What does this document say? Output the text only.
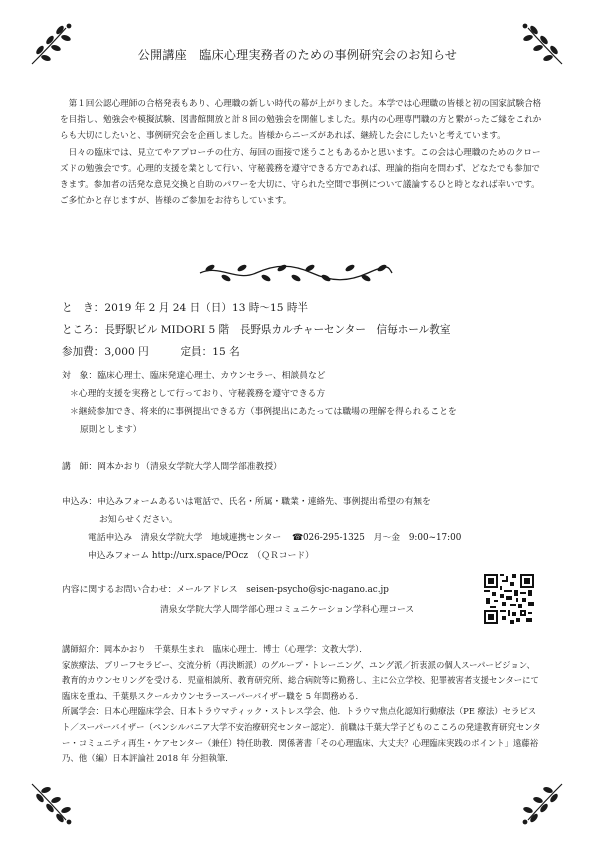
公開講座　臨床心理実務者のための事例研究会のお知らせ

第１回公認心理師の合格発表もあり、心理職の新しい時代の幕が上がりました。本学では心理職の皆様と初の国家試験合格を目指し、勉強会や模擬試験、図書館開放と計８回の勉強会を開催しました。県内の心理専門職の方と繋がったご縁をこれからも大切にしたいと、事例研究会を企画しました。皆様からニーズがあれば、継続した会にしたいと考えています。

日々の臨床では、見立てやアプローチの仕方、毎回の面接で迷うこともあるかと思います。この会は心理職のためのクローズドの勉強会です。心理的支援を業として行い、守秘義務を遵守できる方であれば、理論的指向を問わず、どなたでも参加できます。参加者の活発な意見交換と自助のパワーを大切に、守られた空間で事例について議論するひと時となれば幸いです。ご多忙かと存じますが、皆様のご参加をお待ちしています。

と　き：2019 年 2 月 24 日（日）13 時～15 時半
ところ：長野駅ビル MIDORI 5 階　長野県カルチャーセンター　信毎ホール教室
参加費：3,000 円　　　定員：15 名
対　象：臨床心理士、臨床発達心理士、カウンセラー、相談員など
＊心理的支援を実務として行っており、守秘義務を遵守できる方
＊継続参加でき、将来的に事例提出できる方（事例提出にあたっては職場の理解を得られることを
原則とします）
講　師：岡本かおり（清泉女学院大学人間学部准教授）
申込み：申込みフォームあるいは電話で、氏名・所属・職業・連絡先、事例提出希望の有無を
お知らせください。
電話申込み　清泉女学院大学　地域連携センター ☎026-295-1325　月～金　9:00~17:00
申込みフォーム http://urx.space/POcz　（ＱＲコード）
内容に関するお問い合わせ：メールアドレス　seisen-psycho@sjc-nagano.ac.jp
清泉女学院大学人間学部心理コミュニケーション学科心理コース

講師紹介：岡本かおり　千葉県生まれ　臨床心理士．博士（心理学：文教大学）．

家族療法、ブリーフセラピー、交流分析（再決断派）のグループ・トレーニング、ユング派／折衷派の個人スーパービジョン、教育的カウンセリングを受ける．児童相談所、教育研究所、総合病院等に勤務し、主に公立学校、犯罪被害者支援センターにて臨床を重ね、千葉県スクールカウンセラースーパーバイザー職を 5 年間務める．

所属学会：日本心理臨床学会、日本トラウマティック・ストレス学会、他．トラウマ焦点化認知行動療法（PE 療法）セラピスト／スーパーバイザー（ペンシルバニア大学不安治療研究センター認定）．前職は千葉大学子どものこころの発達教育研究センター・コミュニティ再生・ケアセンター（兼任）特任助教．関係著書「その心理臨床、大丈夫？心理臨床実践のポイント」遠藤裕乃、他（編）日本評論社 2018 年 分担執筆．
